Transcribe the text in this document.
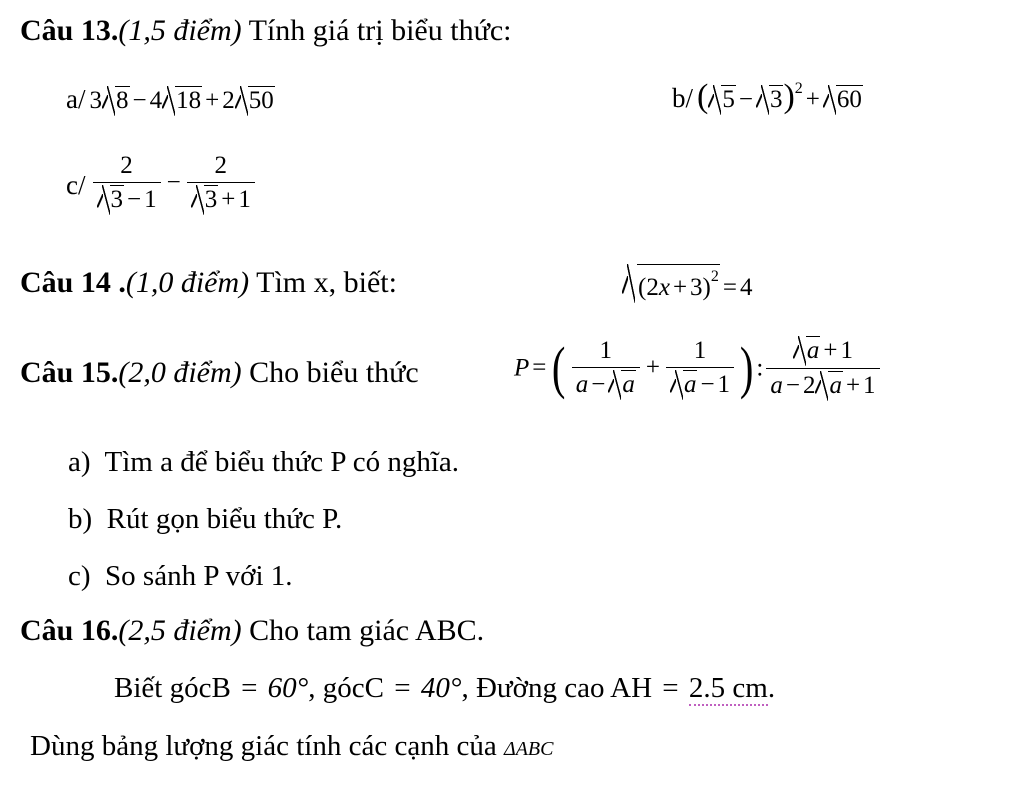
Câu 13.(1,5 điểm) Tính giá trị biểu thức:
a/ 3 8 − 4 18 + 2 50	b/ ( 5 − 3)$^2$ + 60
$c/ \frac{2}{3 - 1} - \frac{2}{3 + 1}$
Câu 14 .(1,0 điểm) Tìm x, biết:	$(2x + 3)^2 = 4$
Câu 15.(2,0 điểm) Cho biểu thức	P = ( $\frac{1}{a - a} + \frac{1}{a - 1}$ ) : $\frac{a + 1}{a - 2 a + 1}$
a) Tìm a để biểu thức P có nghĩa.
b) Rút gọn biểu thức P.
c) So sánh P với 1.
Câu 16.(2,5 điểm) Cho tam giác ABC.
Biết gócB = 60°, gócC = 40°, Đường cao AH = 2.5 cm.
Dùng bảng lượng giác tính các cạnh của ΔABC
